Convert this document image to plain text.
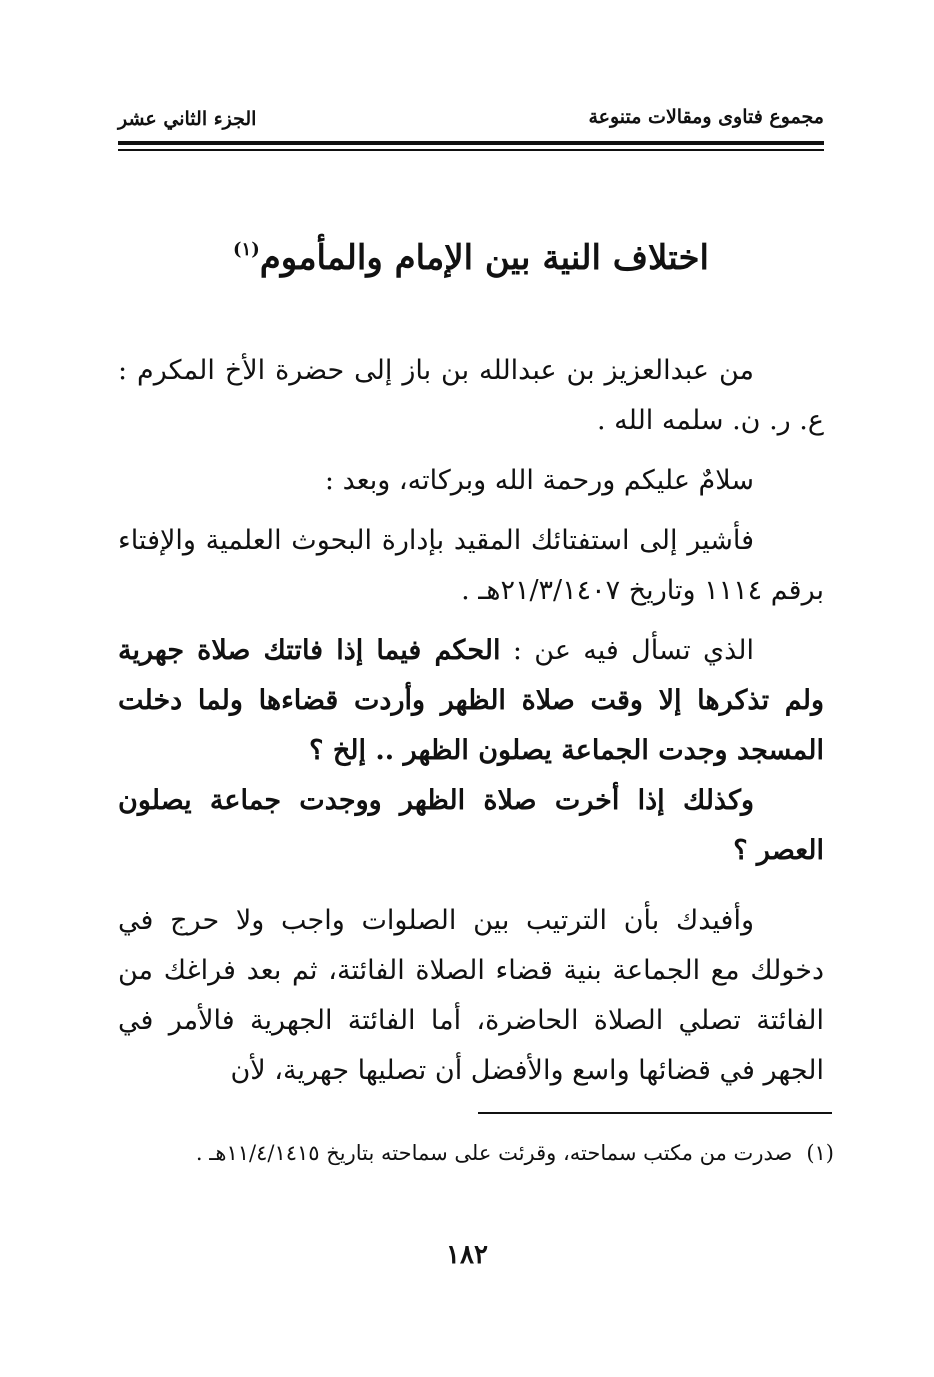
الجزء الثاني عشر	مجموع فتاوى ومقالات متنوعة
اختلاف النية بين الإمام والمأموم$^{(١)}$

من عبدالعزيز بن عبدالله بن باز إلى حضرة الأخ المكرم : ع. ر. ن. سلمه الله .

سلامٌ عليكم ورحمة الله وبركاته، وبعد :

فأشير إلى استفتائك المقيد بإدارة البحوث العلمية والإفتاء برقم ١١١٤ وتاريخ ٢١/٣/١٤٠٧هـ .

الذي تسأل فيه عن : الحكم فيما إذا فاتتك صلاة جهرية ولم تذكرها إلا وقت صلاة الظهر وأردت قضاءها ولما دخلت المسجد وجدت الجماعة يصلون الظهر .. إلخ ؟

وكذلك إذا أخرت صلاة الظهر ووجدت جماعة يصلون العصر ؟

وأفيدك بأن الترتيب بين الصلوات واجب ولا حرج في دخولك مع الجماعة بنية قضاء الصلاة الفائتة، ثم بعد فراغك من الفائتة تصلي الصلاة الحاضرة، أما الفائتة الجهرية فالأمر في الجهر في قضائها واسع والأفضل أن تصليها جهرية، لأن

(١)صدرت من مكتب سماحته، وقرئت على سماحته بتاريخ ١١/٤/١٤١٥هـ .
١٨٢
